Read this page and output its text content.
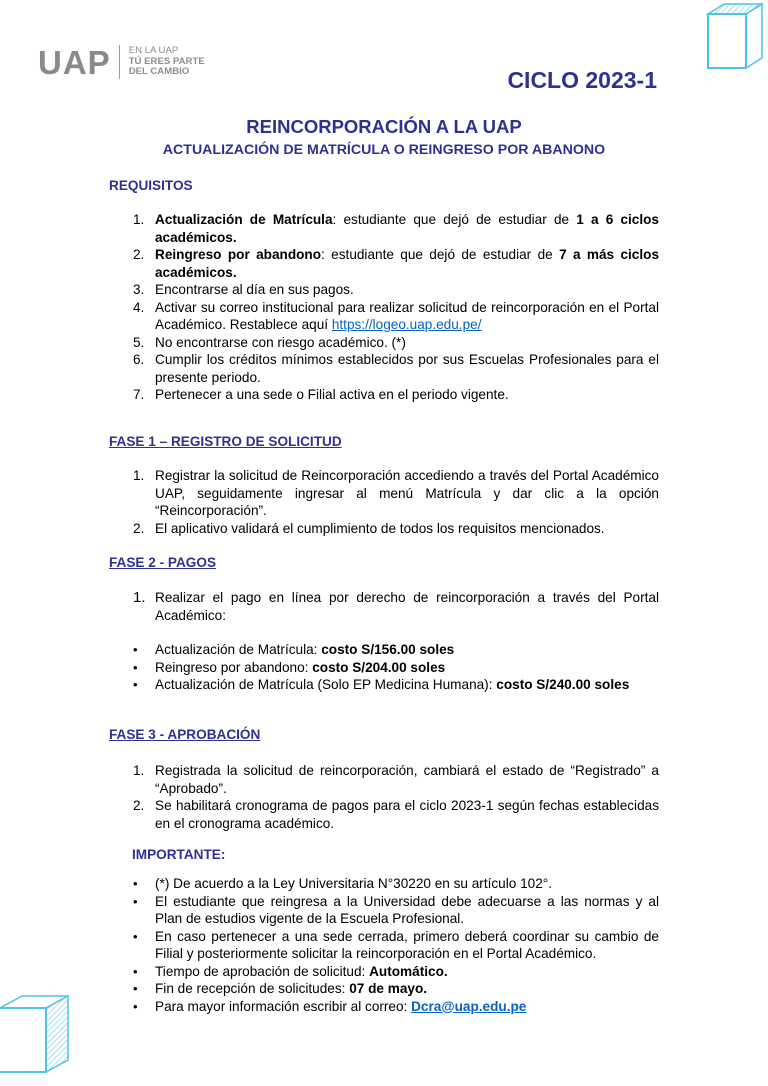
UAP EN LA UAP
TÚ ERES PARTE
DEL CAMBIO	CICLO 2023-1
REINCORPORACIÓN A LA UAP
ACTUALIZACIÓN DE MATRÍCULA O REINGRESO POR ABANONO
REQUISITOS
1. Actualización de Matrícula: estudiante que dejó de estudiar de 1 a 6 ciclos académicos.
2. Reingreso por abandono: estudiante que dejó de estudiar de 7 a más ciclos académicos.
3. Encontrarse al día en sus pagos.
4. Activar su correo institucional para realizar solicitud de reincorporación en el Portal Académico. Restablece aquí https://logeo.uap.edu.pe/
5. No encontrarse con riesgo académico. (*)
6. Cumplir los créditos mínimos establecidos por sus Escuelas Profesionales para el presente periodo.
7. Pertenecer a una sede o Filial activa en el periodo vigente.
FASE 1 – REGISTRO DE SOLICITUD
1. Registrar la solicitud de Reincorporación accediendo a través del Portal Académico UAP, seguidamente ingresar al menú Matrícula y dar clic a la opción “Reincorporación”.
2. El aplicativo validará el cumplimiento de todos los requisitos mencionados.
FASE 2 - PAGOS
1. Realizar el pago en línea por derecho de reincorporación a través del Portal Académico:
• Actualización de Matrícula: costo S/156.00 soles
• Reingreso por abandono: costo S/204.00 soles
• Actualización de Matrícula (Solo EP Medicina Humana): costo S/240.00 soles
FASE 3 - APROBACIÓN
1. Registrada la solicitud de reincorporación, cambiará el estado de “Registrado” a “Aprobado”.
2. Se habilitará cronograma de pagos para el ciclo 2023-1 según fechas establecidas en el cronograma académico.
IMPORTANTE:
• (*) De acuerdo a la Ley Universitaria N°30220 en su artículo 102°.
• El estudiante que reingresa a la Universidad debe adecuarse a las normas y al Plan de estudios vigente de la Escuela Profesional.
• En caso pertenecer a una sede cerrada, primero deberá coordinar su cambio de Filial y posteriormente solicitar la reincorporación en el Portal Académico.
• Tiempo de aprobación de solicitud: Automático.
• Fin de recepción de solicitudes: 07 de mayo.
• Para mayor información escribir al correo: Dcra@uap.edu.pe
